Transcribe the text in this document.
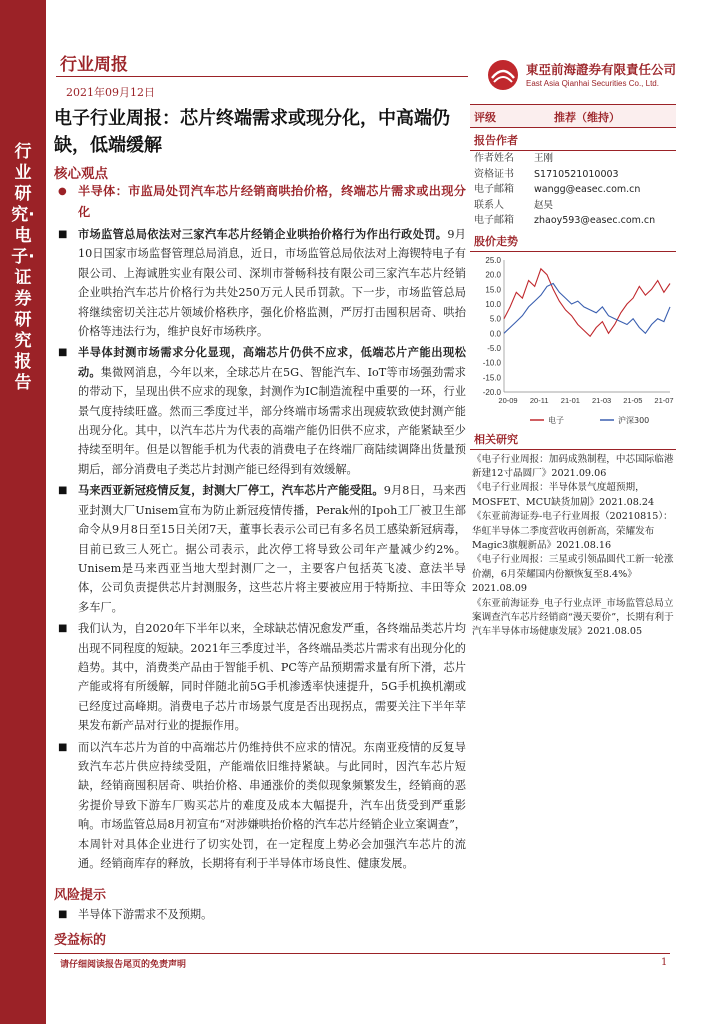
行业研究·电子·证券研究报告
行业周报
2021年09月12日
東亞前海證券有限責任公司
East Asia Qianhai Securities Co., Ltd.
电子行业周报：芯片终端需求或现分化，中高端仍缺，低端缓解
核心观点
● 半导体：市监局处罚汽车芯片经销商哄抬价格，终端芯片需求或出现分化
■ 市场监管总局依法对三家汽车芯片经销企业哄抬价格行为作出行政处罚。9月10日国家市场监督管理总局消息，近日，市场监管总局依法对上海锲特电子有限公司、上海诚胜实业有限公司、深圳市誉畅科技有限公司三家汽车芯片经销企业哄抬汽车芯片价格行为共处250万元人民币罚款。下一步，市场监管总局将继续密切关注芯片领域价格秩序，强化价格监测，严厉打击囤积居奇、哄抬价格等违法行为，维护良好市场秩序。
■ 半导体封测市场需求分化显现，高端芯片仍供不应求，低端芯片产能出现松动。集微网消息，今年以来，全球芯片在5G、智能汽车、IoT等市场强劲需求的带动下，呈现出供不应求的现象，封测作为IC制造流程中重要的一环，行业景气度持续旺盛。然而三季度过半，部分终端市场需求出现疲软致使封测产能出现分化。其中，以汽车芯片为代表的高端产能仍旧供不应求，产能紧缺至少持续至明年。但是以智能手机为代表的消费电子在终端厂商陆续调降出货量预期后，部分消费电子类芯片封测产能已经得到有效缓解。
■ 马来西亚新冠疫情反复，封测大厂停工，汽车芯片产能受阻。9月8日，马来西亚封测大厂Unisem宣布为防止新冠疫情传播，Perak州的Ipoh工厂被卫生部命令从9月8日至15日关闭7天，董事长表示公司已有多名员工感染新冠病毒，目前已致三人死亡。据公司表示，此次停工将导致公司年产量减少约2%。Unisem是马来西亚当地大型封测厂之一，主要客户包括英飞凌、意法半导体，公司负责提供芯片封测服务，这些芯片将主要被应用于特斯拉、丰田等众多车厂。
■ 我们认为，自2020年下半年以来，全球缺芯情况愈发严重，各终端品类芯片均出现不同程度的短缺。2021年三季度过半，各终端品类芯片需求有出现分化的趋势。其中，消费类产品由于智能手机、PC等产品预期需求量有所下滑，芯片产能或将有所缓解，同时伴随北前5G手机渗透率快速提升，5G手机换机潮或已经度过高峰期。消费电子芯片市场景气度是否出现拐点，需要关注下半年苹果发布新产品对行业的提振作用。
■ 而以汽车芯片为首的中高端芯片仍维持供不应求的情况。东南亚疫情的反复导致汽车芯片供应持续受阻，产能端依旧维持紧缺。与此同时，因汽车芯片短缺，经销商囤积居奇、哄抬价格、串通涨价的类似现象频繁发生，经销商的恶劣提价导致下游车厂购买芯片的难度及成本大幅提升，汽车出货受到严重影响。市场监管总局8月初宣布“对涉嫌哄抬价格的汽车芯片经销企业立案调查”，本周针对具体企业进行了切实处罚，在一定程度上势必会加强汽车芯片的流通。经销商库存的释放，长期将有利于半导体市场良性、健康发展。
风险提示
■ 半导体下游需求不及预期。
受益标的
请仔细阅读报告尾页的免责声明	1
评级	推荐（维持）
报告作者
作者姓名	王刚
资格证书	S1710521010003
电子邮箱	wangg@easec.com.cn
联系人	赵昊
电子邮箱	zhaoy593@easec.com.cn
股价走势
25.0
20.0
15.0
10.0
5.0
0.0
-5.0
-10.0
-15.0
-20.0
20-09 20-11 21-01 21-03 21-05 21-07
电子	沪深300
相关研究
《电子行业周报：加码成熟制程，中芯国际临港新建12寸晶圆厂》2021.09.06
《电子行业周报：半导体景气度超预期，MOSFET、MCU缺货加剧》2021.08.24
《东亚前海证券-电子行业周报（20210815）：华虹半导体二季度营收再创新高，荣耀发布Magic3旗舰新品》2021.08.16
《电子行业周报：三星或引领晶圆代工新一轮涨价潮，6月荣耀国内份额恢复至8.4%》2021.08.09
《东亚前海证券_电子行业点评_市场监管总局立案调查汽车芯片经销商“漫天要价”，长期有利于汽车半导体市场健康发展》2021.08.05
